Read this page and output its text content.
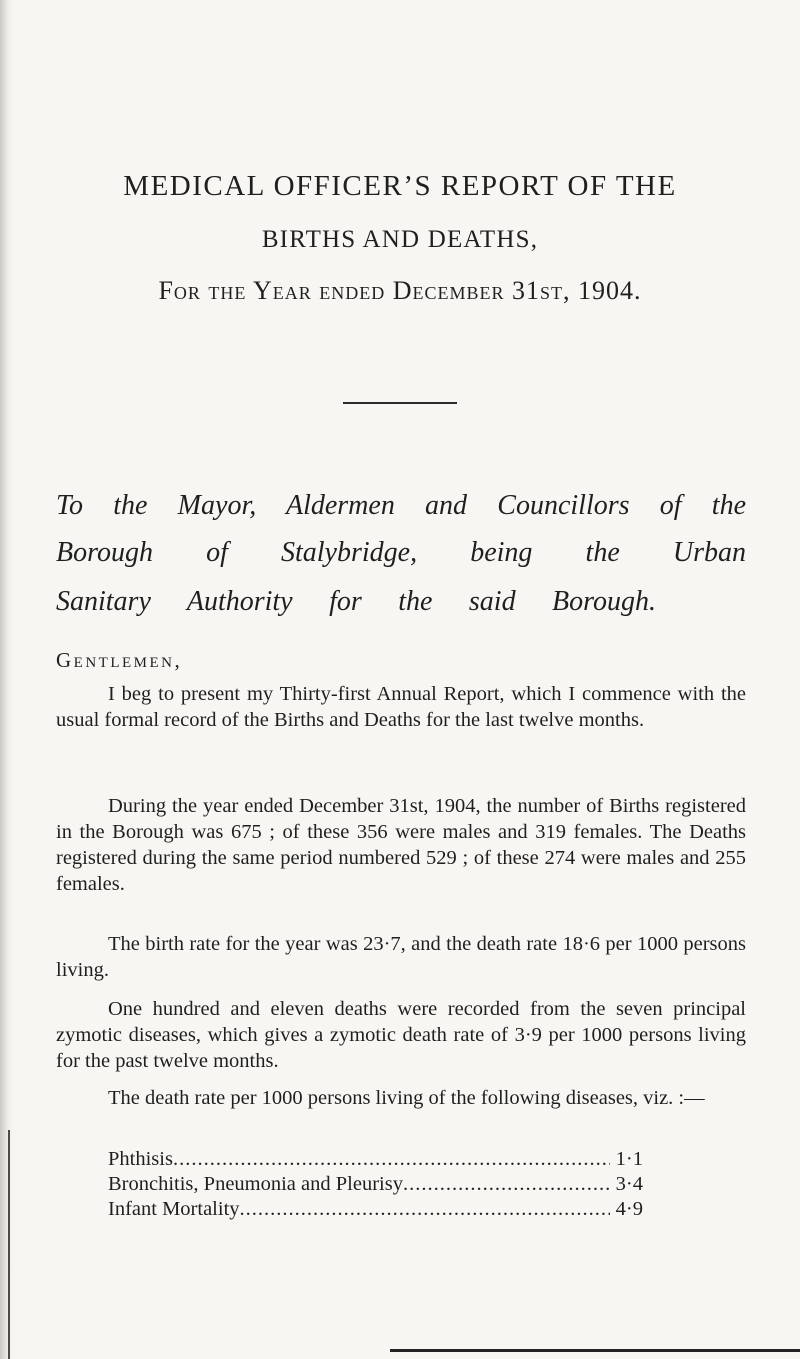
MEDICAL OFFICER’S REPORT OF THE
BIRTHS AND DEATHS,
For the Year ended December 31st, 1904.
To the Mayor, Aldermen and Councillors of the
Borough of Stalybridge, being the Urban
Sanitary Authority for the said Borough.
Gentlemen,
I beg to present my Thirty-first Annual Report, which I commence with the usual formal record of the Births and Deaths for the last twelve months.
During the year ended December 31st, 1904, the number of Births registered in the Borough was 675 ; of these 356 were males and 319 females. The Deaths registered during the same period numbered 529 ; of these 274 were males and 255 females.
The birth rate for the year was 23·7, and the death rate 18·6 per 1000 persons living.
One hundred and eleven deaths were recorded from the seven principal zymotic diseases, which gives a zymotic death rate of 3·9 per 1000 persons living for the past twelve months.
The death rate per 1000 persons living of the following diseases, viz. :—
Phthisis .....	1·1
Bronchitis, Pneumonia and Pleurisy .....	3·4
Infant Mortality .....	4·9
